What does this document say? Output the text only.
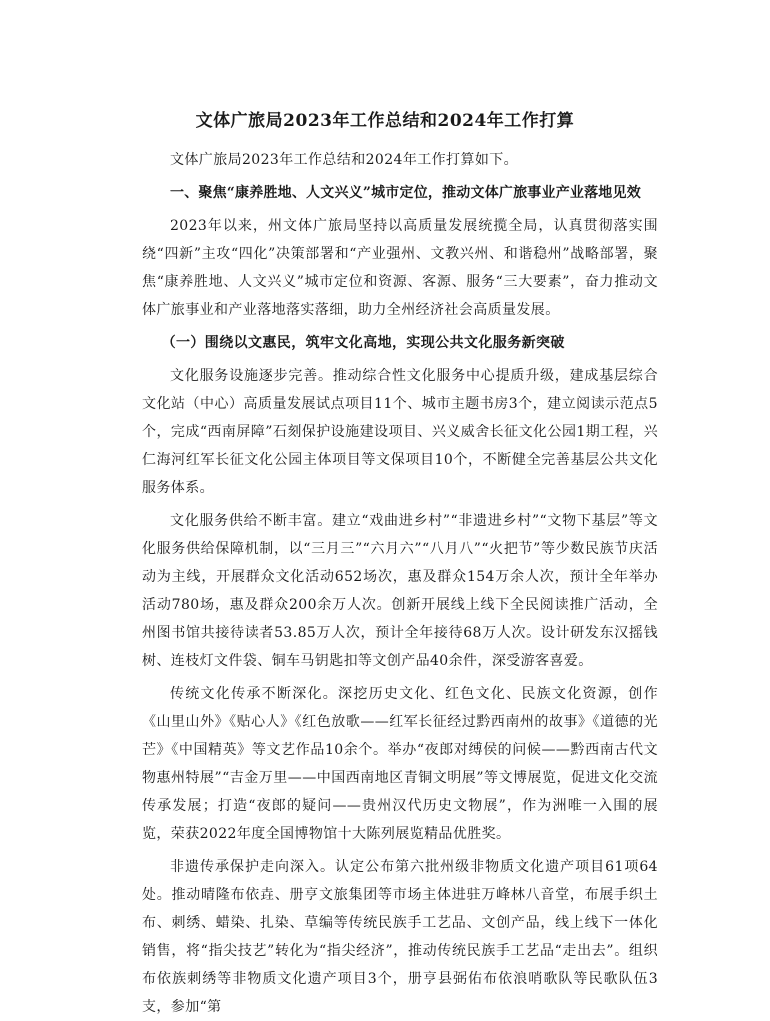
文体广旅局2023年工作总结和2024年工作打算

文体广旅局2023年工作总结和2024年工作打算如下。

一、聚焦“康养胜地、人文兴义”城市定位，推动文体广旅事业产业落地见效

2023年以来，州文体广旅局坚持以高质量发展统揽全局，认真贯彻落实围绕“四新”主攻“四化”决策部署和“产业强州、文教兴州、和谐稳州”战略部署，聚焦“康养胜地、人文兴义”城市定位和资源、客源、服务“三大要素”，奋力推动文体广旅事业和产业落地落实落细，助力全州经济社会高质量发展。

（一）围绕以文惠民，筑牢文化高地，实现公共文化服务新突破

文化服务设施逐步完善。推动综合性文化服务中心提质升级，建成基层综合文化站（中心）高质量发展试点项目11个、城市主题书房3个，建立阅读示范点5个，完成“西南屏障”石刻保护设施建设项目、兴义威舍长征文化公园1期工程，兴仁海河红军长征文化公园主体项目等文保项目10个，不断健全完善基层公共文化服务体系。

文化服务供给不断丰富。建立“戏曲进乡村”“非遗进乡村”“文物下基层”等文化服务供给保障机制，以“三月三”“六月六”“八月八”“火把节”等少数民族节庆活动为主线，开展群众文化活动652场次，惠及群众154万余人次，预计全年举办活动780场，惠及群众200余万人次。创新开展线上线下全民阅读推广活动，全州图书馆共接待读者53.85万人次，预计全年接待68万人次。设计研发东汉摇钱树、连枝灯文件袋、铜车马钥匙扣等文创产品40余件，深受游客喜爱。

传统文化传承不断深化。深挖历史文化、红色文化、民族文化资源，创作《山里山外》《贴心人》《红色放歌——红军长征经过黔西南州的故事》《道德的光芒》《中国精英》等文艺作品10余个。举办“夜郎对缚侯的问候——黔西南古代文物惠州特展”“吉金万里——中国西南地区青铜文明展”等文博展览，促进文化交流传承发展；打造“夜郎的疑问——贵州汉代历史文物展”，作为洲唯一入围的展览，荣获2022年度全国博物馆十大陈列展览精品优胜奖。

非遗传承保护走向深入。认定公布第六批州级非物质文化遗产项目61项64处。推动晴隆布依垚、册亨文旅集团等市场主体进驻万峰林八音堂，布展手织土布、刺绣、蜡染、扎染、草编等传统民族手工艺品、文创产品，线上线下一体化销售，将“指尖技艺”转化为“指尖经济”，推动传统民族手工艺品“走出去”。组织布依族刺绣等非物质文化遗产项目3个，册亨县弼佑布依浪哨歌队等民歌队伍3支，参加“第
